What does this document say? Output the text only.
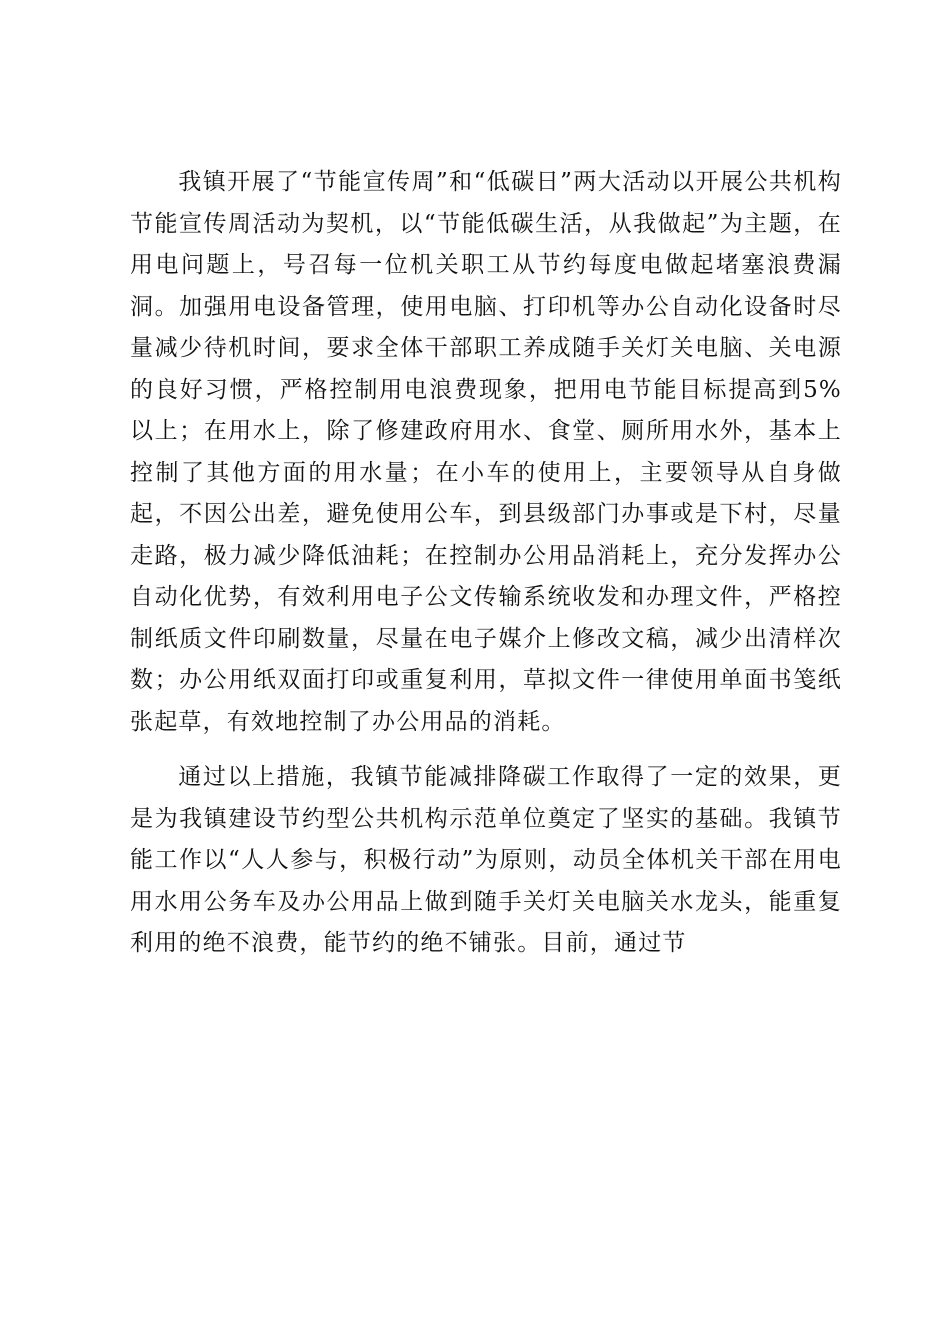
我镇开展了“节能宣传周”和“低碳日”两大活动以开展公共机构节能宣传周活动为契机，以“节能低碳生活，从我做起”为主题，在用电问题上，号召每一位机关职工从节约每度电做起堵塞浪费漏洞。加强用电设备管理，使用电脑、打印机等办公自动化设备时尽量减少待机时间，要求全体干部职工养成随手关灯关电脑、关电源的良好习惯，严格控制用电浪费现象，把用电节能目标提高到5%以上；在用水上，除了修建政府用水、食堂、厕所用水外，基本上控制了其他方面的用水量；在小车的使用上，主要领导从自身做起，不因公出差，避免使用公车，到县级部门办事或是下村，尽量走路，极力减少降低油耗；在控制办公用品消耗上，充分发挥办公自动化优势，有效利用电子公文传输系统收发和办理文件，严格控制纸质文件印刷数量，尽量在电子媒介上修改文稿，减少出清样次数；办公用纸双面打印或重复利用，草拟文件一律使用单面书笺纸张起草，有效地控制了办公用品的消耗。

通过以上措施，我镇节能减排降碳工作取得了一定的效果，更是为我镇建设节约型公共机构示范单位奠定了坚实的基础。我镇节能工作以“人人参与，积极行动”为原则，动员全体机关干部在用电用水用公务车及办公用品上做到随手关灯关电脑关水龙头，能重复利用的绝不浪费，能节约的绝不铺张。目前，通过节
